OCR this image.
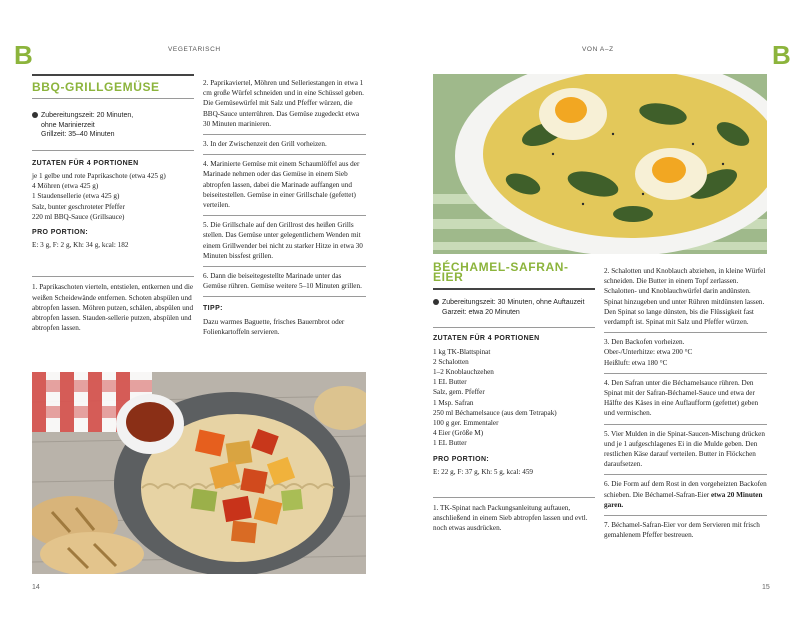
B	VEGETARISCH
BBQ-GRILLGEMÜSE
Zubereitungszeit: 20 Minuten,
ohne Marinierzeit
Grillzeit: 35–40 Minuten
ZUTATEN FÜR 4 PORTIONEN
je 1 gelbe und rote Paprikaschote (etwa 425 g)
4 Möhren (etwa 425 g)
1 Staudensellerie (etwa 425 g)
Salz, bunter geschroteter Pfeffer
220 ml BBQ-Sauce (Grillsauce)
PRO PORTION:
E: 3 g, F: 2 g, Kh: 34 g, kcal: 182
1. Paprikaschoten vierteln, entstielen, entkernen und die weißen Scheidewände entfernen. Schoten abspülen und abtropfen lassen. Möhren putzen, schälen, abspülen und abtropfen lassen. Stauden-sellerie putzen, abspülen und abtropfen lassen.
2. Paprikaviertel, Möhren und Selleriestangen in etwa 1 cm große Würfel schneiden und in eine Schüssel geben. Die Gemüsewürfel mit Salz und Pfeffer würzen, die BBQ-Sauce unterrühren. Das Gemüse zugedeckt etwa 30 Minuten marinieren.
3. In der Zwischenzeit den Grill vorheizen.
4. Marinierte Gemüse mit einem Schaumlöffel aus der Marinade nehmen oder das Gemüse in einem Sieb abtropfen lassen, dabei die Marinade auffangen und beiseitestellen. Gemüse in einer Grillschale (gefettet) verteilen.
5. Die Grillschale auf den Grillrost des heißen Grills stellen. Das Gemüse unter gelegentlichem Wenden mit einem Grillwender bei nicht zu starker Hitze in etwa 30 Minuten bissfest grillen.
6. Dann die beiseitegestellte Marinade unter das Gemüse rühren. Gemüse weitere 5–10 Minuten grillen.
TIPP:
Dazu warmes Baguette, frisches Bauernbrot oder Folienkartoffeln servieren.
14
VON A–Z	B
BÉCHAMEL-SAFRAN-EIER
Zubereitungszeit: 30 Minuten, ohne Auftauzeit
Garzeit: etwa 20 Minuten
ZUTATEN FÜR 4 PORTIONEN
1 kg TK-Blattspinat
2 Schalotten
1–2 Knoblauchzehen
1 EL Butter
Salz, gem. Pfeffer
1 Msp. Safran
250 ml Béchamelsauce (aus dem Tetrapak)
100 g ger. Emmentaler
4 Eier (Größe M)
1 EL Butter
PRO PORTION:
E: 22 g, F: 37 g, Kh: 5 g, kcal: 459
1. TK-Spinat nach Packungsanleitung auftauen, anschließend in einem Sieb abtropfen lassen und evtl. noch etwas ausdrücken.
2. Schalotten und Knoblauch abziehen, in kleine Würfel schneiden. Die Butter in einem Topf zerlassen. Schalotten- und Knoblauchwürfel darin andünsten. Spinat hinzugeben und unter Rühren mitdünsten lassen. Den Spinat so lange dünsten, bis die Flüssigkeit fast verdampft ist. Spinat mit Salz und Pfeffer würzen.
3. Den Backofen vorheizen.
Ober-/Unterhitze: etwa 200 °C
Heißluft: etwa 180 °C
4. Den Safran unter die Béchamelsauce rühren. Den Spinat mit der Safran-Béchamel-Sauce und etwa der Hälfte des Käses in eine Auflaufform (gefettet) geben und vermischen.
5. Vier Mulden in die Spinat-Saucen-Mischung drücken und je 1 aufgeschlagenes Ei in die Mulde geben. Den restlichen Käse darauf verteilen. Butter in Flöckchen daraufsetzen.
6. Die Form auf dem Rost in den vorgeheizten Backofen schieben. Die Béchamel-Safran-Eier etwa 20 Minuten garen.
7. Béchamel-Safran-Eier vor dem Servieren mit frisch gemahlenem Pfeffer bestreuen.
15
